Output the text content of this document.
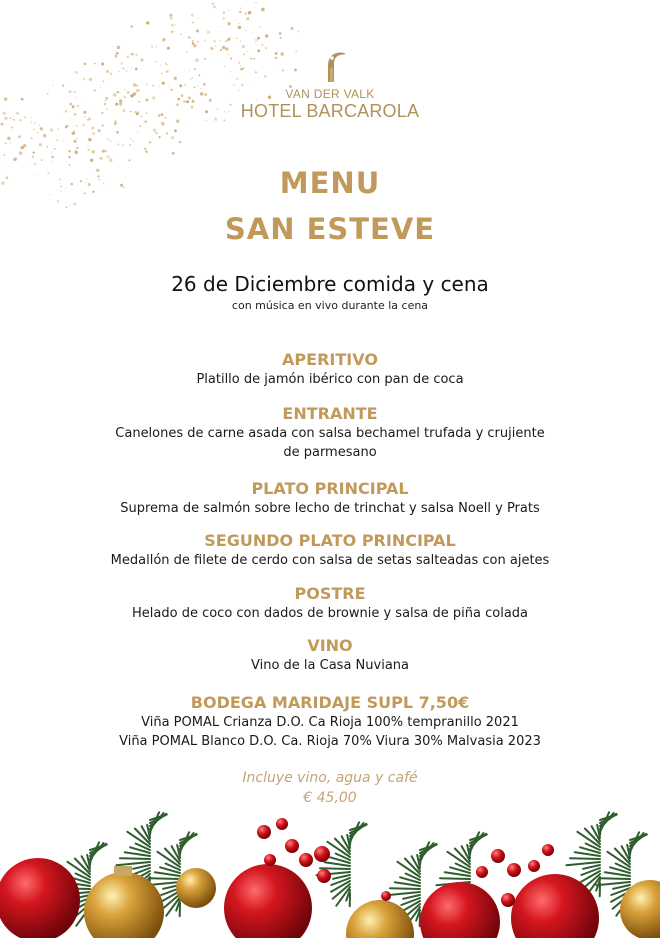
VAN DER VALK
HOTEL BARCAROLA
MENU
SAN ESTEVE
26 de Diciembre comida y cena
con música en vivo durante la cena
APERITIVO
Platillo de jamón ibérico con pan de coca
ENTRANTE
Canelones de carne asada con salsa bechamel trufada y crujiente
de parmesano
PLATO PRINCIPAL
Suprema de salmón sobre lecho de trinchat y salsa Noell y Prats
SEGUNDO PLATO PRINCIPAL
Medallón de filete de cerdo con salsa de setas salteadas con ajetes
POSTRE
Helado de coco con dados de brownie y salsa de piña colada
VINO
Vino de la Casa Nuviana
BODEGA MARIDAJE SUPL 7,50€
Viña POMAL Crianza D.O. Ca Rioja 100% tempranillo 2021
Viña POMAL Blanco D.O. Ca. Rioja 70% Viura 30% Malvasia 2023
Incluye vino, agua y café
€ 45,00
